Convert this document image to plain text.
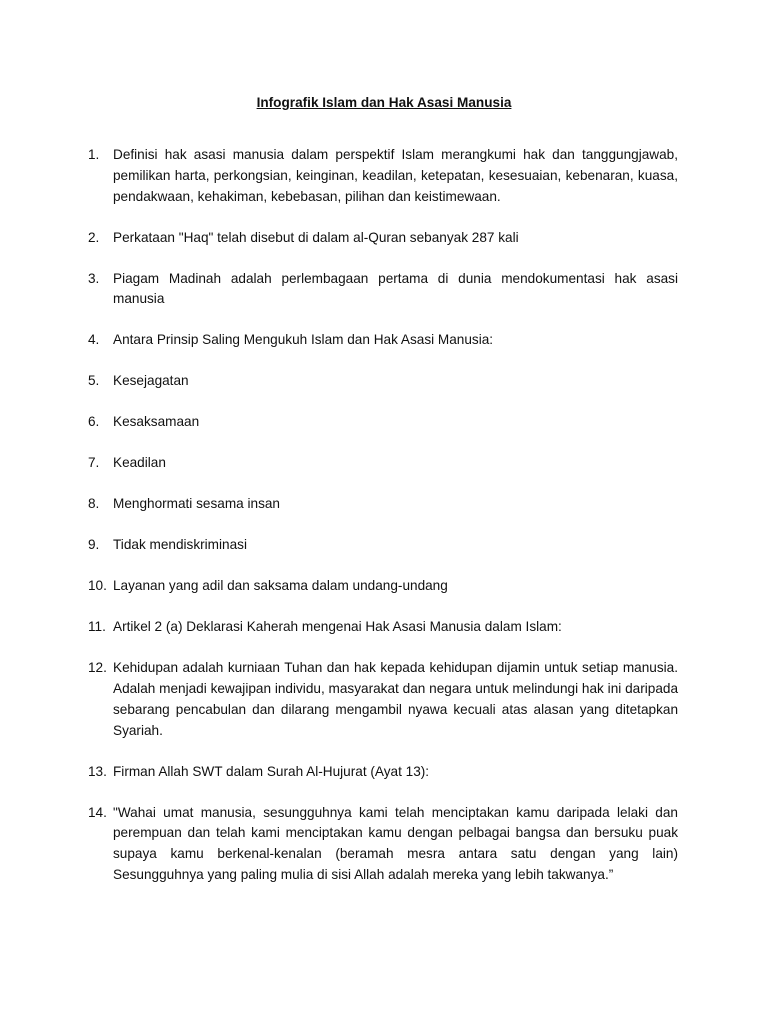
Infografik Islam dan Hak Asasi Manusia
1. Definisi hak asasi manusia dalam perspektif Islam merangkumi hak dan tanggungjawab, pemilikan harta, perkongsian, keinginan, keadilan, ketepatan, kesesuaian, kebenaran, kuasa, pendakwaan, kehakiman, kebebasan, pilihan dan keistimewaan.
2. Perkataan "Haq" telah disebut di dalam al-Quran sebanyak 287 kali
3. Piagam Madinah adalah perlembagaan pertama di dunia mendokumentasi hak asasi manusia
4. Antara Prinsip Saling Mengukuh Islam dan Hak Asasi Manusia:
5. Kesejagatan
6. Kesaksamaan
7. Keadilan
8. Menghormati sesama insan
9. Tidak mendiskriminasi
10. Layanan yang adil dan saksama dalam undang-undang
11. Artikel 2 (a) Deklarasi Kaherah mengenai Hak Asasi Manusia dalam Islam:
12. Kehidupan adalah kurniaan Tuhan dan hak kepada kehidupan dijamin untuk setiap manusia. Adalah menjadi kewajipan individu, masyarakat dan negara untuk melindungi hak ini daripada sebarang pencabulan dan dilarang mengambil nyawa kecuali atas alasan yang ditetapkan Syariah.
13. Firman Allah SWT dalam Surah Al-Hujurat (Ayat 13):
14. "Wahai umat manusia, sesungguhnya kami telah menciptakan kamu daripada lelaki dan perempuan dan telah kami menciptakan kamu dengan pelbagai bangsa dan bersuku puak supaya kamu berkenal-kenalan (beramah mesra antara satu dengan yang lain) Sesungguhnya yang paling mulia di sisi Allah adalah mereka yang lebih takwanya.”
